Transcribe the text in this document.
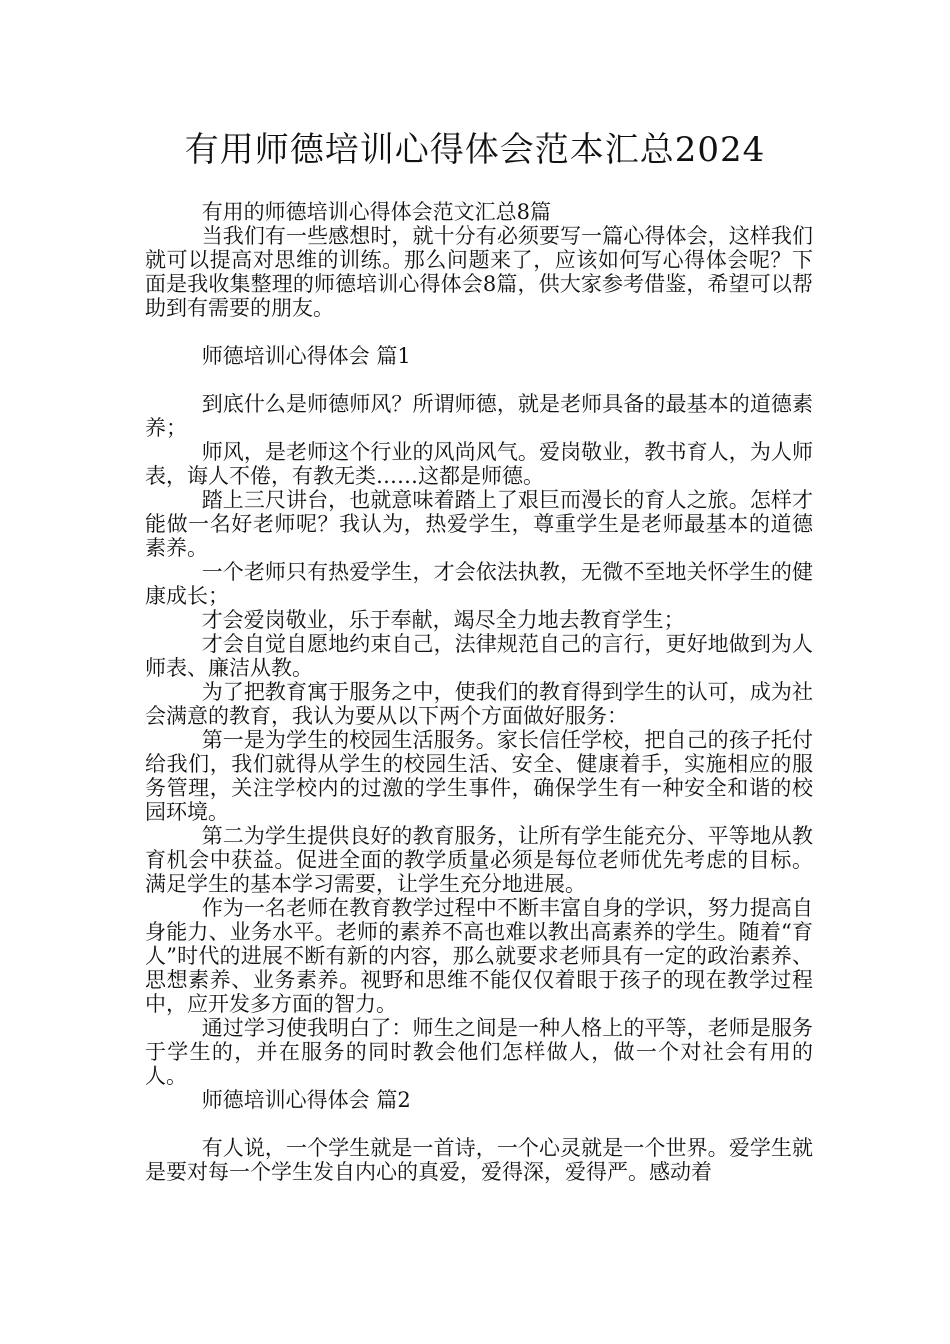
有用师德培训心得体会范本汇总2024

有用的师德培训心得体会范文汇总8篇

当我们有一些感想时，就十分有必须要写一篇心得体会，这样我们就可以提高对思维的训练。那么问题来了，应该如何写心得体会呢？下面是我收集整理的师德培训心得体会8篇，供大家参考借鉴，希望可以帮助到有需要的朋友。

师德培训心得体会 篇1

到底什么是师德师风？所谓师德，就是老师具备的最基本的道德素养；

师风，是老师这个行业的风尚风气。爱岗敬业，教书育人，为人师表，诲人不倦，有教无类……这都是师德。

踏上三尺讲台，也就意味着踏上了艰巨而漫长的育人之旅。怎样才能做一名好老师呢？我认为，热爱学生，尊重学生是老师最基本的道德素养。

一个老师只有热爱学生，才会依法执教，无微不至地关怀学生的健康成长；

才会爱岗敬业，乐于奉献，竭尽全力地去教育学生；

才会自觉自愿地约束自己，法律规范自己的言行，更好地做到为人师表、廉洁从教。

为了把教育寓于服务之中，使我们的教育得到学生的认可，成为社会满意的教育，我认为要从以下两个方面做好服务：

第一是为学生的校园生活服务。家长信任学校，把自己的孩子托付给我们，我们就得从学生的校园生活、安全、健康着手，实施相应的服务管理，关注学校内的过激的学生事件，确保学生有一种安全和谐的校园环境。

第二为学生提供良好的教育服务，让所有学生能充分、平等地从教育机会中获益。促进全面的教学质量必须是每位老师优先考虑的目标。满足学生的基本学习需要，让学生充分地进展。

作为一名老师在教育教学过程中不断丰富自身的学识，努力提高自身能力、业务水平。老师的素养不高也难以教出高素养的学生。随着“育人”时代的进展不断有新的内容，那么就要求老师具有一定的政治素养、思想素养、业务素养。视野和思维不能仅仅着眼于孩子的现在教学过程中，应开发多方面的智力。

通过学习使我明白了：师生之间是一种人格上的平等，老师是服务于学生的，并在服务的同时教会他们怎样做人，做一个对社会有用的人。

师德培训心得体会 篇2

有人说，一个学生就是一首诗，一个心灵就是一个世界。爱学生就是要对每一个学生发自内心的真爱，爱得深，爱得严。感动着
